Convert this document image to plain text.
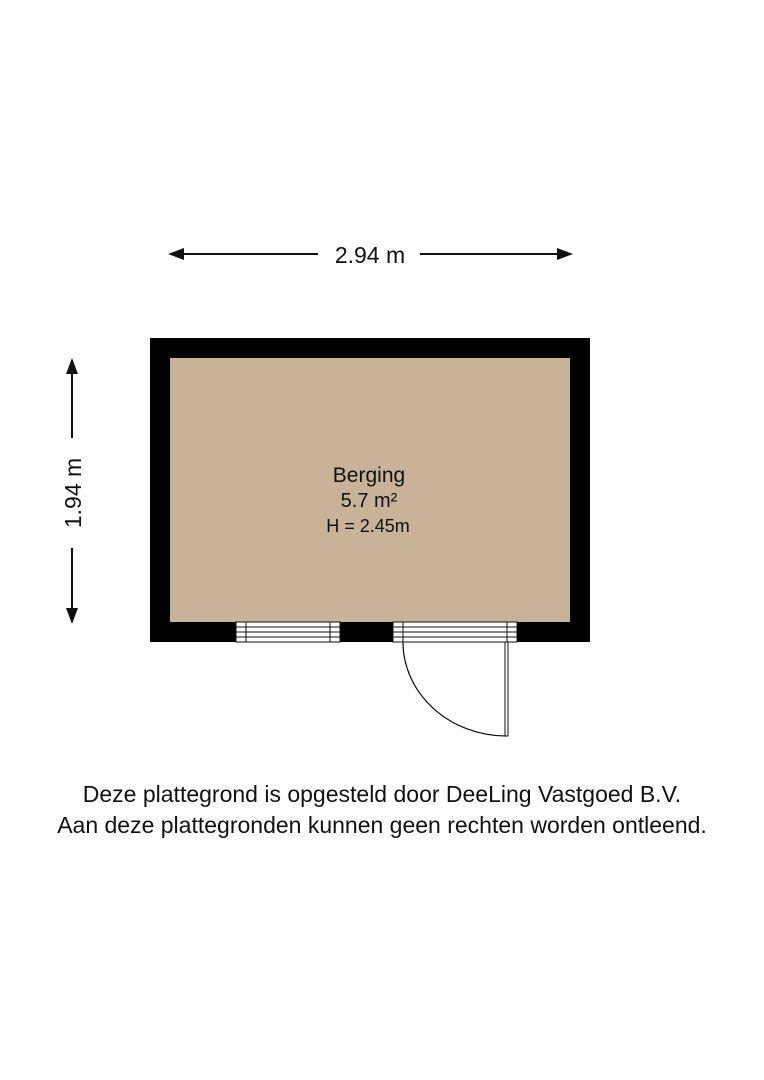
2.94 m
1.94 m	Berging
5.7 m²
H = 2.45m
Deze plattegrond is opgesteld door DeeLing Vastgoed B.V.
Aan deze plattegronden kunnen geen rechten worden ontleend.
